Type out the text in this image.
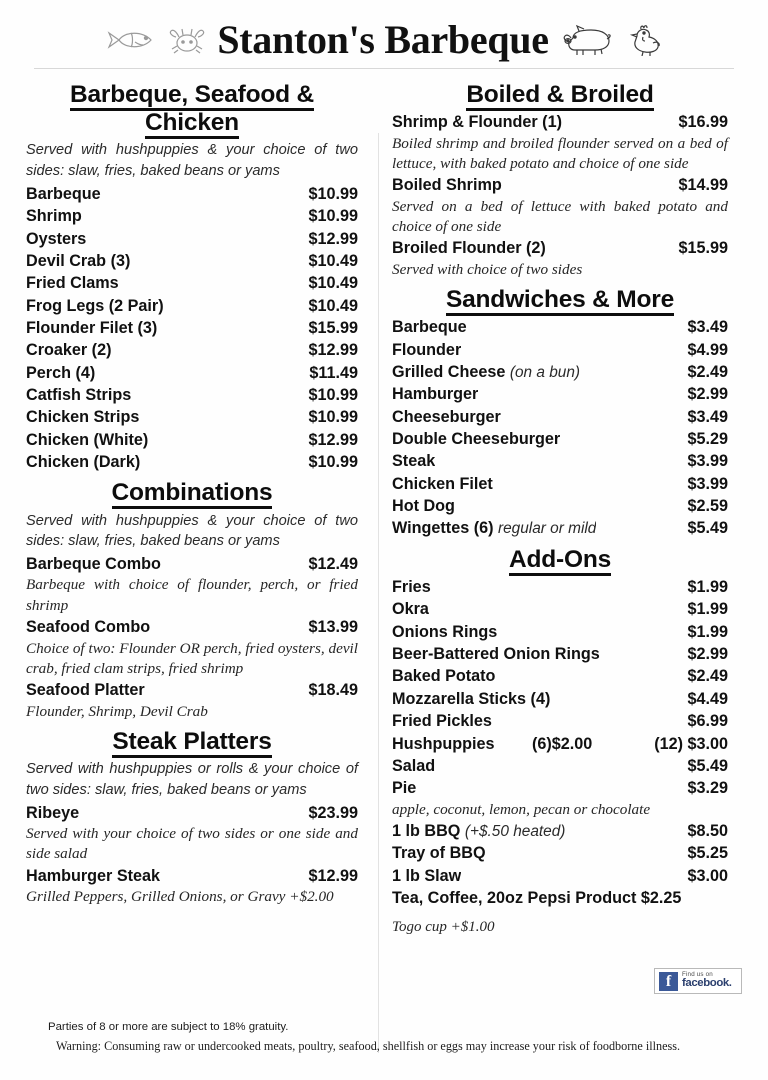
Stanton's Barbeque
Barbeque, Seafood & Chicken
Served with hushpuppies & your choice of two sides: slaw, fries, baked beans or yams
Barbeque	$10.99
Shrimp	$10.99
Oysters	$12.99
Devil Crab (3)	$10.49
Fried Clams	$10.49
Frog Legs (2 Pair)	$10.49
Flounder Filet (3)	$15.99
Croaker (2)	$12.99
Perch (4)	$11.49
Catfish Strips	$10.99
Chicken Strips	$10.99
Chicken (White)	$12.99
Chicken (Dark)	$10.99
Combinations
Served with hushpuppies & your choice of two sides: slaw, fries, baked beans or yams
Barbeque Combo	$12.49
Barbeque with choice of flounder, perch, or fried shrimp
Seafood Combo	$13.99
Choice of two: Flounder OR perch, fried oysters, devil crab, fried clam strips, fried shrimp
Seafood Platter	$18.49
Flounder, Shrimp, Devil Crab
Steak Platters
Served with hushpuppies or rolls & your choice of two sides: slaw, fries, baked beans or yams
Ribeye	$23.99
Served with your choice of two sides or one side and side salad
Hamburger Steak	$12.99
Grilled Peppers, Grilled Onions, or Gravy +$2.00
Boiled & Broiled
Shrimp & Flounder (1)	$16.99
Boiled shrimp and broiled flounder served on a bed of lettuce, with baked potato and choice of one side
Boiled Shrimp	$14.99
Served on a bed of lettuce with baked potato and choice of one side
Broiled Flounder (2)	$15.99
Served with choice of two sides
Sandwiches & More
Barbeque	$3.49
Flounder	$4.99
Grilled Cheese (on a bun)	$2.49
Hamburger	$2.99
Cheeseburger	$3.49
Double Cheeseburger	$5.29
Steak	$3.99
Chicken Filet	$3.99
Hot Dog	$2.59
Wingettes (6) regular or mild	$5.49
Add-Ons
Fries	$1.99
Okra	$1.99
Onions Rings	$1.99
Beer-Battered Onion Rings	$2.99
Baked Potato	$2.49
Mozzarella Sticks (4)	$4.49
Fried Pickles	$6.99
Hushpuppies	(6)$2.00	(12) $3.00
Salad	$5.49
Pie	$3.29
apple, coconut, lemon, pecan or chocolate
1 lb BBQ (+$.50 heated)	$8.50
Tray of BBQ	$5.25
1 lb Slaw	$3.00
Tea, Coffee, 20oz Pepsi Product $2.25
Togo cup +$1.00
f	Find us on
facebook.
Parties of 8 or more are subject to 18% gratuity.
Warning: Consuming raw or undercooked meats, poultry, seafood, shellfish or eggs may increase your risk of foodborne illness.
